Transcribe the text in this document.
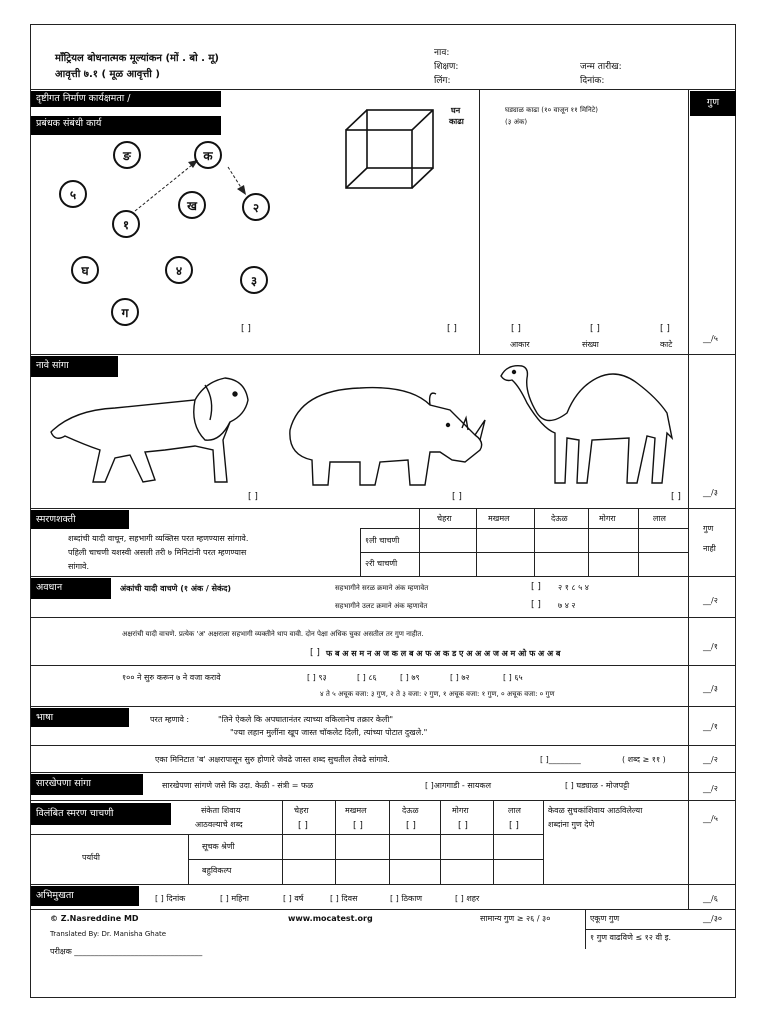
मॉंट्रियल बोधनात्मक मूल्यांकन (मों . बो . मू)
आवृत्ती ७.१ ( मूळ आवृत्ती )
नाव:
शिक्षण:
लिंग:
जन्म तारीख:
दिनांक:
गुण
दृष्टीगत निर्माण कार्यक्षमता /
प्रबंधक संबंधी कार्य
ङ	क
५
१
ख	२
घ	४
३
ग
[ ]
घन
काढा
[ ]
घड्याळ काढा (१० वाजून ११ मिनिटे)
(३ अंक)
[ ]	[ ]	[ ]
आकार	संख्या	काटे
__/५
नावे सांगा
[ ]	[ ]	[ ]	__/३
स्मरणशक्ती
शब्दांची यादी वाचून, सहभागी व्यक्तिस परत म्हणण्यास सांगावे.
पहिली चाचणी यशस्वी असली तरी ७ मिनिटांनी परत म्हणण्यास
सांगावे.
चेहरा	मखमल	देऊळ	मोगरा	लाल
१ली चाचणी
२री चाचणी
गुण
नाही
अवधान	अंकांची यादी वाचणे (१ अंक / सेकंद)	सहभागीने सरळ क्रमाने अंक म्हणावेत	[ ] २ १ ८ ५ ४
सहभागीने उलट क्रमाने अंक म्हणावेत	[ ] ७ ४ २
__/२
अक्षरांची यादी वाचणे. प्रत्येक 'अ' अक्षराला सहभागी व्यक्तीने थाप वावी. दोन पेक्षा अधिक चुका असतील तर गुण नाहीत.
[ ] फ ब अ स म न अ ज क ल ब अ फ अ क ड ए अ अ अ ज अ म ओ फ अ अ ब
__/१
१०० ने सुरु करून ७ ने वजा करावे	[ ] ९३	[ ] ८६	[ ] ७९	[ ] ७२	[ ] ६५
४ ते ५ अचूक वजा: ३ गुण, २ ते ३ वजा: २ गुण, १ अचूक वजा: १ गुण, ० अचूक वजा: ० गुण
__/३
भाषा	परत म्हणावे :	"तिने ऐकले कि अपघातानंतर त्याच्या वकिलानेच तक्रार केली"
"ज्या लहान मुलींना खूप जास्त चॉकलेट दिली, त्यांच्या पोटात दुखले."
__/१
एका मिनिटात 'ब' अक्षरापासून सुरु होणारे जेवढे जास्त शब्द सुचतील तेवढे सांगावे.	[ ]________	( शब्द ≥ ११ )	__/२
सारखेपणा सांगा	सारखेपणा सांगणे जसे कि उदा. केळी - संत्री = फळ	[ ]आगगाडी - सायकल	[ ] घड्याळ - मोजपट्टी	__/२
विलंबित स्मरण चाचणी	संकेता शिवाय
आठवल्याचे शब्द
चेहरा	मखमल	देऊळ	मोगरा	लाल
[ ]	[ ]	[ ]	[ ]	[ ]
केवळ सुचकांशिवाय आठविलेल्या
शब्दांना गुण देणे
__/५
पर्यायी
सूचक श्रेणी
बहुविकल्प
अभिमुखता	[ ] दिनांक	[ ] महिना	[ ] वर्ष	[ ] दिवस	[ ] ठिकाण	[ ] शहर	__/६
© Z.Nasreddine MD	www.mocatest.org	सामान्य गुण ≥ २६ / ३०	एकूण गुण	__/३०
Translated By: Dr. Manisha Ghate	१ गुण वाढविणे ≤ १२ वी इ.
परीक्षक ________________________________
